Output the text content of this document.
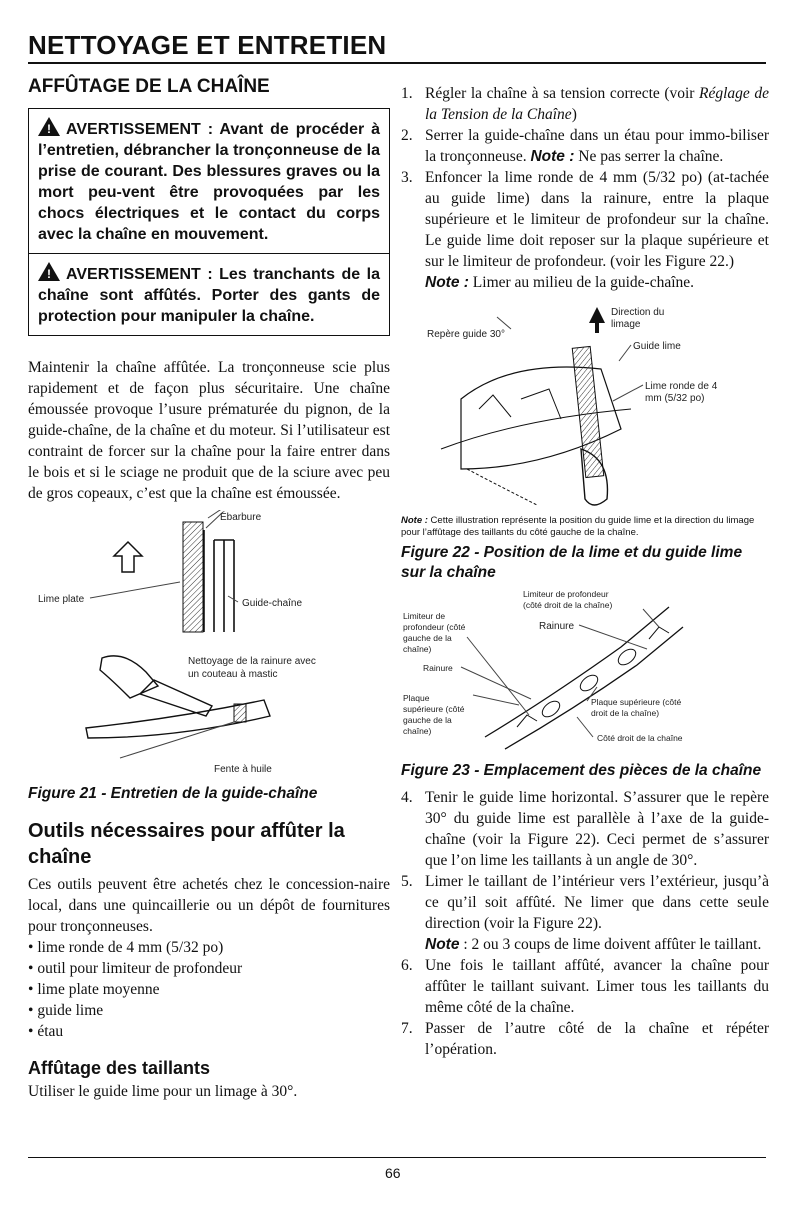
NETTOYAGE ET ENTRETIEN
AFFÛTAGE DE LA CHAÎNE
!AVERTISSEMENT : Avant de procéder à l’entretien, débrancher la tronçonneuse de la prise de courant. Des blessures graves ou la mort peu-vent être provoquées par les chocs électriques et le contact du corps avec la chaîne en mouvement.
!AVERTISSEMENT : Les tranchants de la chaîne sont affûtés. Porter des gants de protection pour manipuler la chaîne.

Maintenir la chaîne affûtée. La tronçonneuse scie plus rapidement et de façon plus sécuritaire. Une chaîne émoussée provoque l’usure prématurée du pignon, de la guide-chaîne, de la chaîne et du moteur. Si l’utilisateur est contraint de forcer sur la chaîne pour la faire entrer dans le bois et si le sciage ne produit que de la sciure avec peu de gros copeaux, c’est que la chaîne est émoussée.

Ébarbure
Lime plate	Guide-chaîne
Nettoyage de la rainure avec
un couteau à mastic
Fente à huile

Figure 21 - Entretien de la guide-chaîne

Outils nécessaires pour affûter la chaîne

Ces outils peuvent être achetés chez le concession-naire local, dans une quincaillerie ou un dépôt de fournitures pour tronçonneuses.

• lime ronde de 4 mm (5/32 po)
• outil pour limiteur de profondeur
• lime plate moyenne
• guide lime
• étau
Affûtage des taillants

Utiliser le guide lime pour un limage à 30°.

1. Régler la chaîne à sa tension correcte (voir Réglage de la Tension de la Chaîne)
2. Serrer la guide-chaîne dans un étau pour immo-biliser la tronçonneuse. Note : Ne pas serrer la chaîne.
3. Enfoncer la lime ronde de 4 mm (5/32 po) (at-tachée au guide lime) dans la rainure, entre la plaque supérieure et le limiteur de profondeur sur la chaîne. Le guide lime doit reposer sur la plaque supérieure et sur le limiteur de profondeur. (voir les Figure 22.)
Note : Limer au milieu de la guide-chaîne.
Direction du
limage
Repère guide 30°
Guide lime
Lime ronde de 4
mm (5/32 po)
Note : Cette illustration représente la position du guide lime et la direction du limage pour l’affûtage des taillants du côté gauche de la chaîne.

Figure 22 - Position de la lime et du guide lime sur la chaîne

Limiteur de profondeur
(côté droit de la chaîne)
Limiteur de
profondeur (côté
gauche de la
chaîne)
Rainure
Rainure
Plaque
supérieure (côté
gauche de la
chaîne)
Plaque supérieure (côté
droit de la chaîne)
Côté droit de la chaîne

Figure 23 - Emplacement des pièces de la chaîne

4. Tenir le guide lime horizontal. S’assurer que le repère 30° du guide lime est parallèle à l’axe de la guide-chaîne (voir la Figure 22). Ceci permet de s’assurer que l’on lime les taillants à un angle de 30°.
5. Limer le taillant de l’intérieur vers l’extérieur, jusqu’à ce qu’il soit affûté. Ne limer que dans cette seule direction (voir la Figure 22).
Note : 2 ou 3 coups de lime doivent affûter le taillant.
6. Une fois le taillant affûté, avancer la chaîne pour affûter le taillant suivant. Limer tous les taillants du même côté de la chaîne.
7. Passer de l’autre côté de la chaîne et répéter l’opération.
66
